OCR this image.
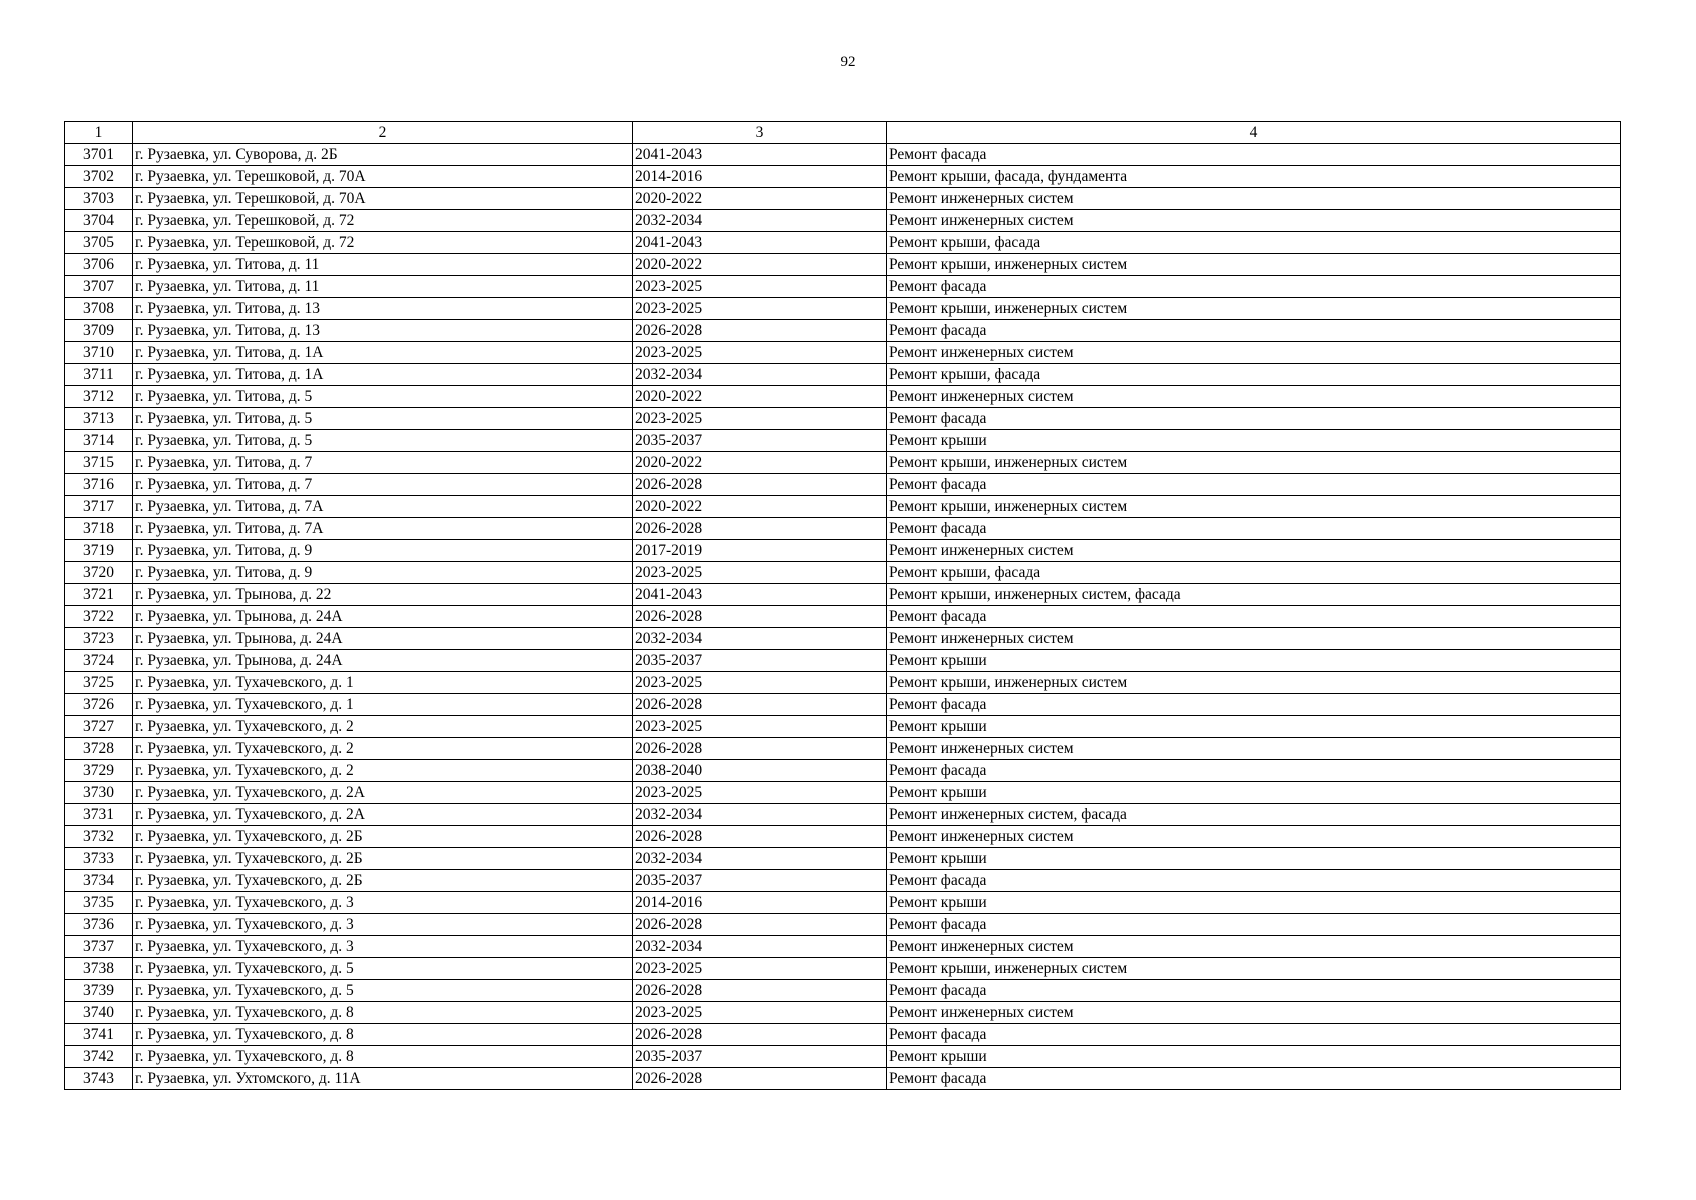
92
1	2	3	4
3701	г. Рузаевка, ул. Суворова, д. 2Б	2041-2043	Ремонт фасада
3702	г. Рузаевка, ул. Терешковой, д. 70А	2014-2016	Ремонт крыши, фасада, фундамента
3703	г. Рузаевка, ул. Терешковой, д. 70А	2020-2022	Ремонт инженерных систем
3704	г. Рузаевка, ул. Терешковой, д. 72	2032-2034	Ремонт инженерных систем
3705	г. Рузаевка, ул. Терешковой, д. 72	2041-2043	Ремонт крыши, фасада
3706	г. Рузаевка, ул. Титова, д. 11	2020-2022	Ремонт крыши, инженерных систем
3707	г. Рузаевка, ул. Титова, д. 11	2023-2025	Ремонт фасада
3708	г. Рузаевка, ул. Титова, д. 13	2023-2025	Ремонт крыши, инженерных систем
3709	г. Рузаевка, ул. Титова, д. 13	2026-2028	Ремонт фасада
3710	г. Рузаевка, ул. Титова, д. 1А	2023-2025	Ремонт инженерных систем
3711	г. Рузаевка, ул. Титова, д. 1А	2032-2034	Ремонт крыши, фасада
3712	г. Рузаевка, ул. Титова, д. 5	2020-2022	Ремонт инженерных систем
3713	г. Рузаевка, ул. Титова, д. 5	2023-2025	Ремонт фасада
3714	г. Рузаевка, ул. Титова, д. 5	2035-2037	Ремонт крыши
3715	г. Рузаевка, ул. Титова, д. 7	2020-2022	Ремонт крыши, инженерных систем
3716	г. Рузаевка, ул. Титова, д. 7	2026-2028	Ремонт фасада
3717	г. Рузаевка, ул. Титова, д. 7А	2020-2022	Ремонт крыши, инженерных систем
3718	г. Рузаевка, ул. Титова, д. 7А	2026-2028	Ремонт фасада
3719	г. Рузаевка, ул. Титова, д. 9	2017-2019	Ремонт инженерных систем
3720	г. Рузаевка, ул. Титова, д. 9	2023-2025	Ремонт крыши, фасада
3721	г. Рузаевка, ул. Трынова, д. 22	2041-2043	Ремонт крыши, инженерных систем, фасада
3722	г. Рузаевка, ул. Трынова, д. 24А	2026-2028	Ремонт фасада
3723	г. Рузаевка, ул. Трынова, д. 24А	2032-2034	Ремонт инженерных систем
3724	г. Рузаевка, ул. Трынова, д. 24А	2035-2037	Ремонт крыши
3725	г. Рузаевка, ул. Тухачевского, д. 1	2023-2025	Ремонт крыши, инженерных систем
3726	г. Рузаевка, ул. Тухачевского, д. 1	2026-2028	Ремонт фасада
3727	г. Рузаевка, ул. Тухачевского, д. 2	2023-2025	Ремонт крыши
3728	г. Рузаевка, ул. Тухачевского, д. 2	2026-2028	Ремонт инженерных систем
3729	г. Рузаевка, ул. Тухачевского, д. 2	2038-2040	Ремонт фасада
3730	г. Рузаевка, ул. Тухачевского, д. 2А	2023-2025	Ремонт крыши
3731	г. Рузаевка, ул. Тухачевского, д. 2А	2032-2034	Ремонт инженерных систем, фасада
3732	г. Рузаевка, ул. Тухачевского, д. 2Б	2026-2028	Ремонт инженерных систем
3733	г. Рузаевка, ул. Тухачевского, д. 2Б	2032-2034	Ремонт крыши
3734	г. Рузаевка, ул. Тухачевского, д. 2Б	2035-2037	Ремонт фасада
3735	г. Рузаевка, ул. Тухачевского, д. 3	2014-2016	Ремонт крыши
3736	г. Рузаевка, ул. Тухачевского, д. 3	2026-2028	Ремонт фасада
3737	г. Рузаевка, ул. Тухачевского, д. 3	2032-2034	Ремонт инженерных систем
3738	г. Рузаевка, ул. Тухачевского, д. 5	2023-2025	Ремонт крыши, инженерных систем
3739	г. Рузаевка, ул. Тухачевского, д. 5	2026-2028	Ремонт фасада
3740	г. Рузаевка, ул. Тухачевского, д. 8	2023-2025	Ремонт инженерных систем
3741	г. Рузаевка, ул. Тухачевского, д. 8	2026-2028	Ремонт фасада
3742	г. Рузаевка, ул. Тухачевского, д. 8	2035-2037	Ремонт крыши
3743	г. Рузаевка, ул. Ухтомского, д. 11А	2026-2028	Ремонт фасада
